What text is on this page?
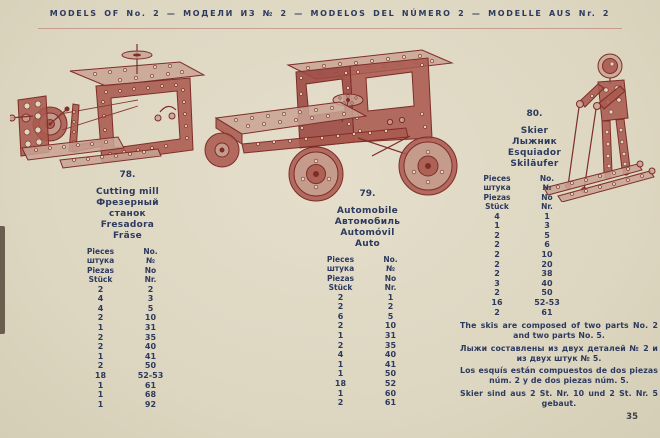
MODELS OF No. 2 — МОДЕЛИ ИЗ № 2 — MODELOS DEL NÚMERO 2 — MODELLE AUS Nr. 2
78.
Cutting mill
Фрезерный
станок
Fresadora
Fräse
Pieces	No.
штука	№
Piezas	No
Stück	Nr.
2	2
4	3
4	5
2	10
1	31
2	35
2	40
1	41
2	50
18	52-53
1	61
1	68
1	92
79.
Automobile
Автомобиль
Automóvil
Auto
Pieces	No.
штука	№
Piezas	No
Stück	Nr.
2	1
2	2
6	5
2	10
1	31
2	35
4	40
1	41
1	50
18	52
1	60
2	61
80.
Skier
Лыжник
Esquiador
Skiläufer
Pieces	No.
штука	№
Piezas	No
Stück	Nr.
4	1
1	3
2	5
2	6
2	10
2	20
2	38
3	40
2	50
16	52-53
2	61
The skis are composed of two parts No. 2 and two parts No. 5.
Лыжи составлены из двух деталей № 2 и из двух штук № 5.
Los esquís están compuestos de dos piezas núm. 2 y de dos piezas núm. 5.
Skier sind aus 2 St. Nr. 10 und 2 St. Nr. 5 gebaut.
35
